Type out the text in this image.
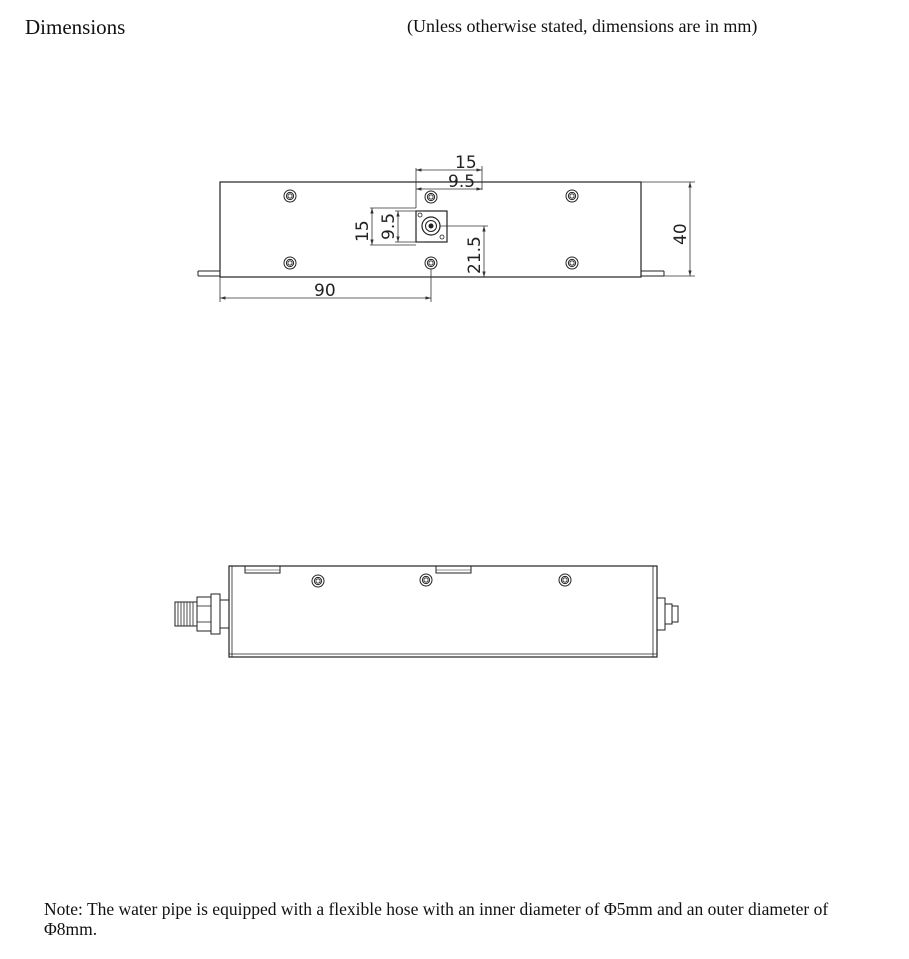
Dimensions	(Unless otherwise stated, dimensions are in mm)
15
9.5
9.5
15
21.5
40
90
Note: The water pipe is equipped with a flexible hose with an inner diameter of Φ5mm and an outer diameter of Φ8mm.
